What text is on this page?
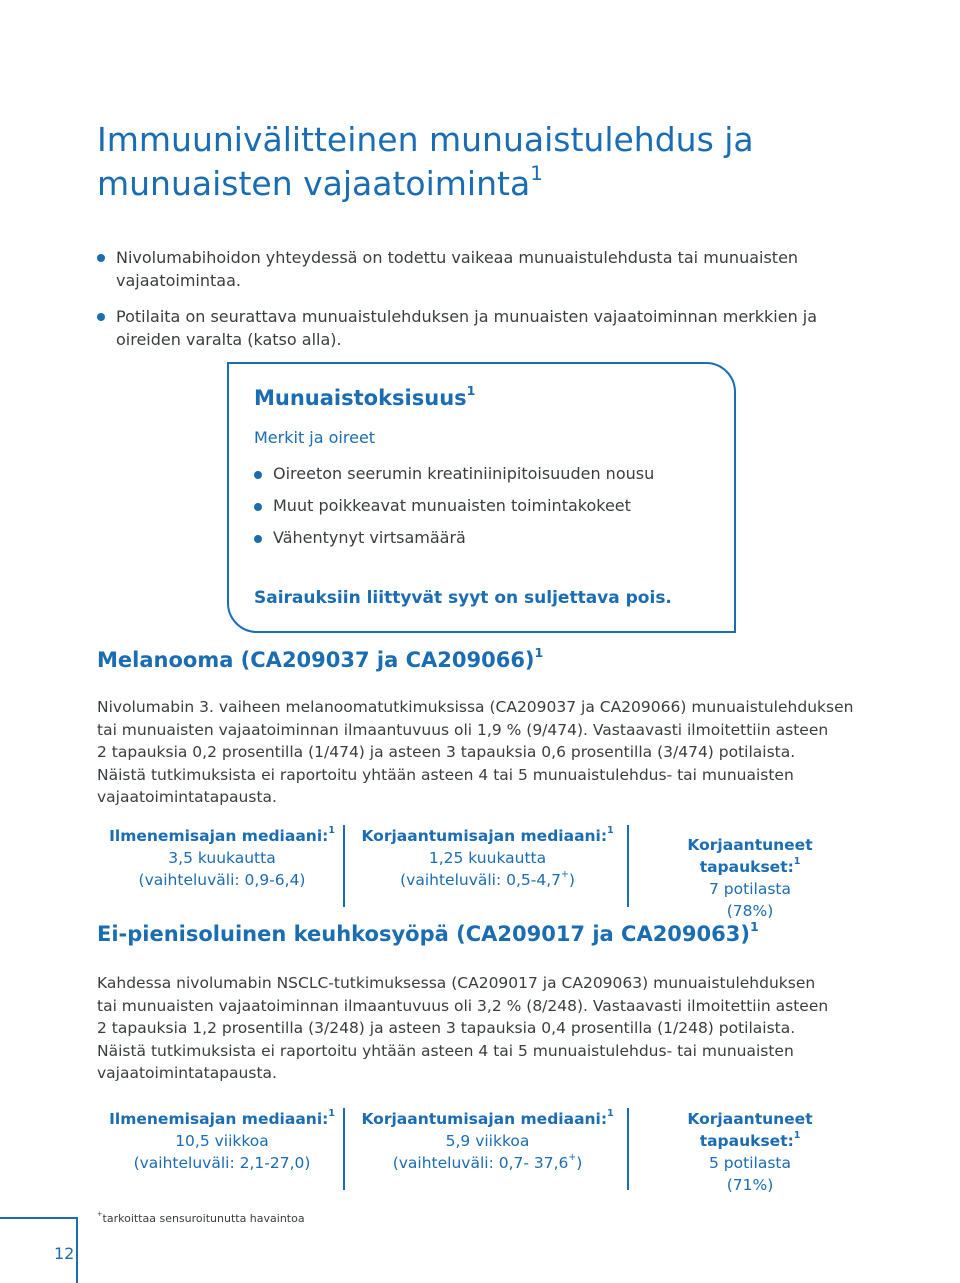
Immuunivälitteinen munuaistulehdus ja
munuaisten vajaatoiminta$^1$
Nivolumabihoidon yhteydessä on todettu vaikeaa munuaistulehdusta tai munuaisten vajaatoimintaa.
Potilaita on seurattava munuaistulehduksen ja munuaisten vajaatoiminnan merkkien ja oireiden varalta (katso alla).
Munuaistoksisuus$^1$
Merkit ja oireet
Oireeton seerumin kreatiniinipitoisuuden nousu
Muut poikkeavat munuaisten toimintakokeet
Vähentynyt virtsamäärä
Sairauksiin liittyvät syyt on suljettava pois.
Melanooma (CA209037 ja CA209066)$^1$
Nivolumabin 3. vaiheen melanoomatutkimuksissa (CA209037 ja CA209066) munuaistulehduksen
tai munuaisten vajaatoiminnan ilmaantuvuus oli 1,9 % (9/474). Vastaavasti ilmoitettiin asteen
2 tapauksia 0,2 prosentilla (1/474) ja asteen 3 tapauksia 0,6 prosentilla (3/474) potilaista.
Näistä tutkimuksista ei raportoitu yhtään asteen 4 tai 5 munuaistulehdus- tai munuaisten
vajaatoimintatapausta.
Ilmenemisajan mediaani:$^1$
3,5 kuukautta
(vaihteluväli: 0,9-6,4)
Korjaantumisajan mediaani:$^1$
1,25 kuukautta
(vaihteluväli: 0,5-4,7+)
Korjaantuneet tapaukset:$^1$
7 potilasta
(78%)
Ei-pienisoluinen keuhkosyöpä (CA209017 ja CA209063)$^1$
Kahdessa nivolumabin NSCLC-tutkimuksessa (CA209017 ja CA209063) munuaistulehduksen
tai munuaisten vajaatoiminnan ilmaantuvuus oli 3,2 % (8/248). Vastaavasti ilmoitettiin asteen
2 tapauksia 1,2 prosentilla (3/248) ja asteen 3 tapauksia 0,4 prosentilla (1/248) potilaista.
Näistä tutkimuksista ei raportoitu yhtään asteen 4 tai 5 munuaistulehdus- tai munuaisten
vajaatoimintatapausta.
Ilmenemisajan mediaani:$^1$
10,5 viikkoa
(vaihteluväli: 2,1-27,0)
Korjaantumisajan mediaani:$^1$
5,9 viikkoa
(vaihteluväli: 0,7- 37,6+)
Korjaantuneet tapaukset:$^1$
5 potilasta
(71%)
+tarkoittaa sensuroitunutta havaintoa
12
